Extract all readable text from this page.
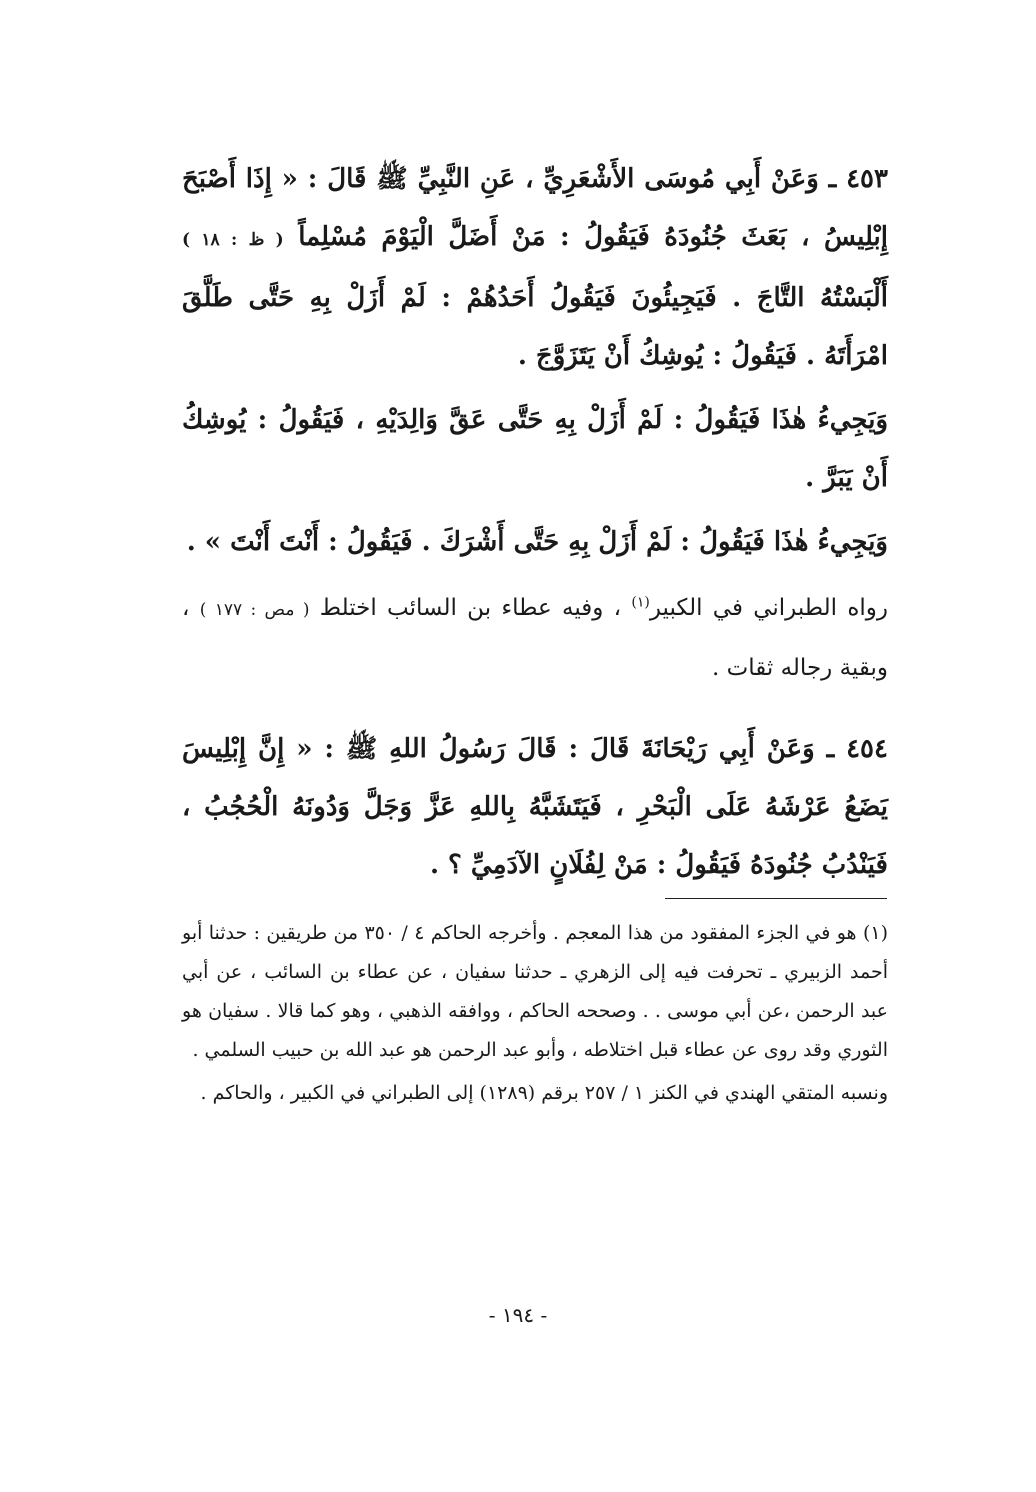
٤٥٣ ـ وَعَنْ أَبِي مُوسَى الأَشْعَرِيِّ ، عَنِ النَّبِيِّ ﷺ قَالَ : « إِذَا أَصْبَحَ إِبْلِيسُ ، بَعَثَ جُنُودَهُ فَيَقُولُ : مَنْ أَضَلَّ الْيَوْمَ مُسْلِماً ( ظ : ١٨ ) أَلْبَسْتُهُ التَّاجَ . فَيَجِيئُونَ فَيَقُولُ أَحَدُهُمْ : لَمْ أَزَلْ بِهِ حَتَّى طَلَّقَ امْرَأَتَهُ . فَيَقُولُ : يُوشِكُ أَنْ يَتَزَوَّجَ .

وَيَجِيءُ هٰذَا فَيَقُولُ : لَمْ أَزَلْ بِهِ حَتَّى عَقَّ وَالِدَيْهِ ، فَيَقُولُ : يُوشِكُ أَنْ يَبَرَّ .

وَيَجِيءُ هٰذَا فَيَقُولُ : لَمْ أَزَلْ بِهِ حَتَّى أَشْرَكَ . فَيَقُولُ : أَنْتَ أَنْتَ » .

رواه الطبراني في الكبير$^{(١)}$ ، وفيه عطاء بن السائب اختلط ( مص : ١٧٧ ) ، وبقية رجاله ثقات .

٤٥٤ ـ وَعَنْ أَبِي رَيْحَانَةَ قَالَ : قَالَ رَسُولُ اللهِ ﷺ : « إِنَّ إِبْلِيسَ يَضَعُ عَرْشَهُ عَلَى الْبَحْرِ ، فَيَتَشَبَّهُ بِاللهِ عَزَّ وَجَلَّ وَدُونَهُ الْحُجُبُ ، فَيَنْدُبُ جُنُودَهُ فَيَقُولُ : مَنْ لِفُلَانٍ الآدَمِيِّ ؟ .

(١) هو في الجزء المفقود من هذا المعجم . وأخرجه الحاكم ٤ / ٣٥٠ من طريقين : حدثنا أبو أحمد الزبيري ـ تحرفت فيه إلى الزهري ـ حدثنا سفيان ، عن عطاء بن السائب ، عن أبي عبد الرحمن ،عن أبي موسى . . وصححه الحاكم ، ووافقه الذهبي ، وهو كما قالا . سفيان هو الثوري وقد روى عن عطاء قبل اختلاطه ، وأبو عبد الرحمن هو عبد الله بن حبيب السلمي .

ونسبه المتقي الهندي في الكنز ١ / ٢٥٧ برقم (١٢٨٩) إلى الطبراني في الكبير ، والحاكم .

- ١٩٤ -
